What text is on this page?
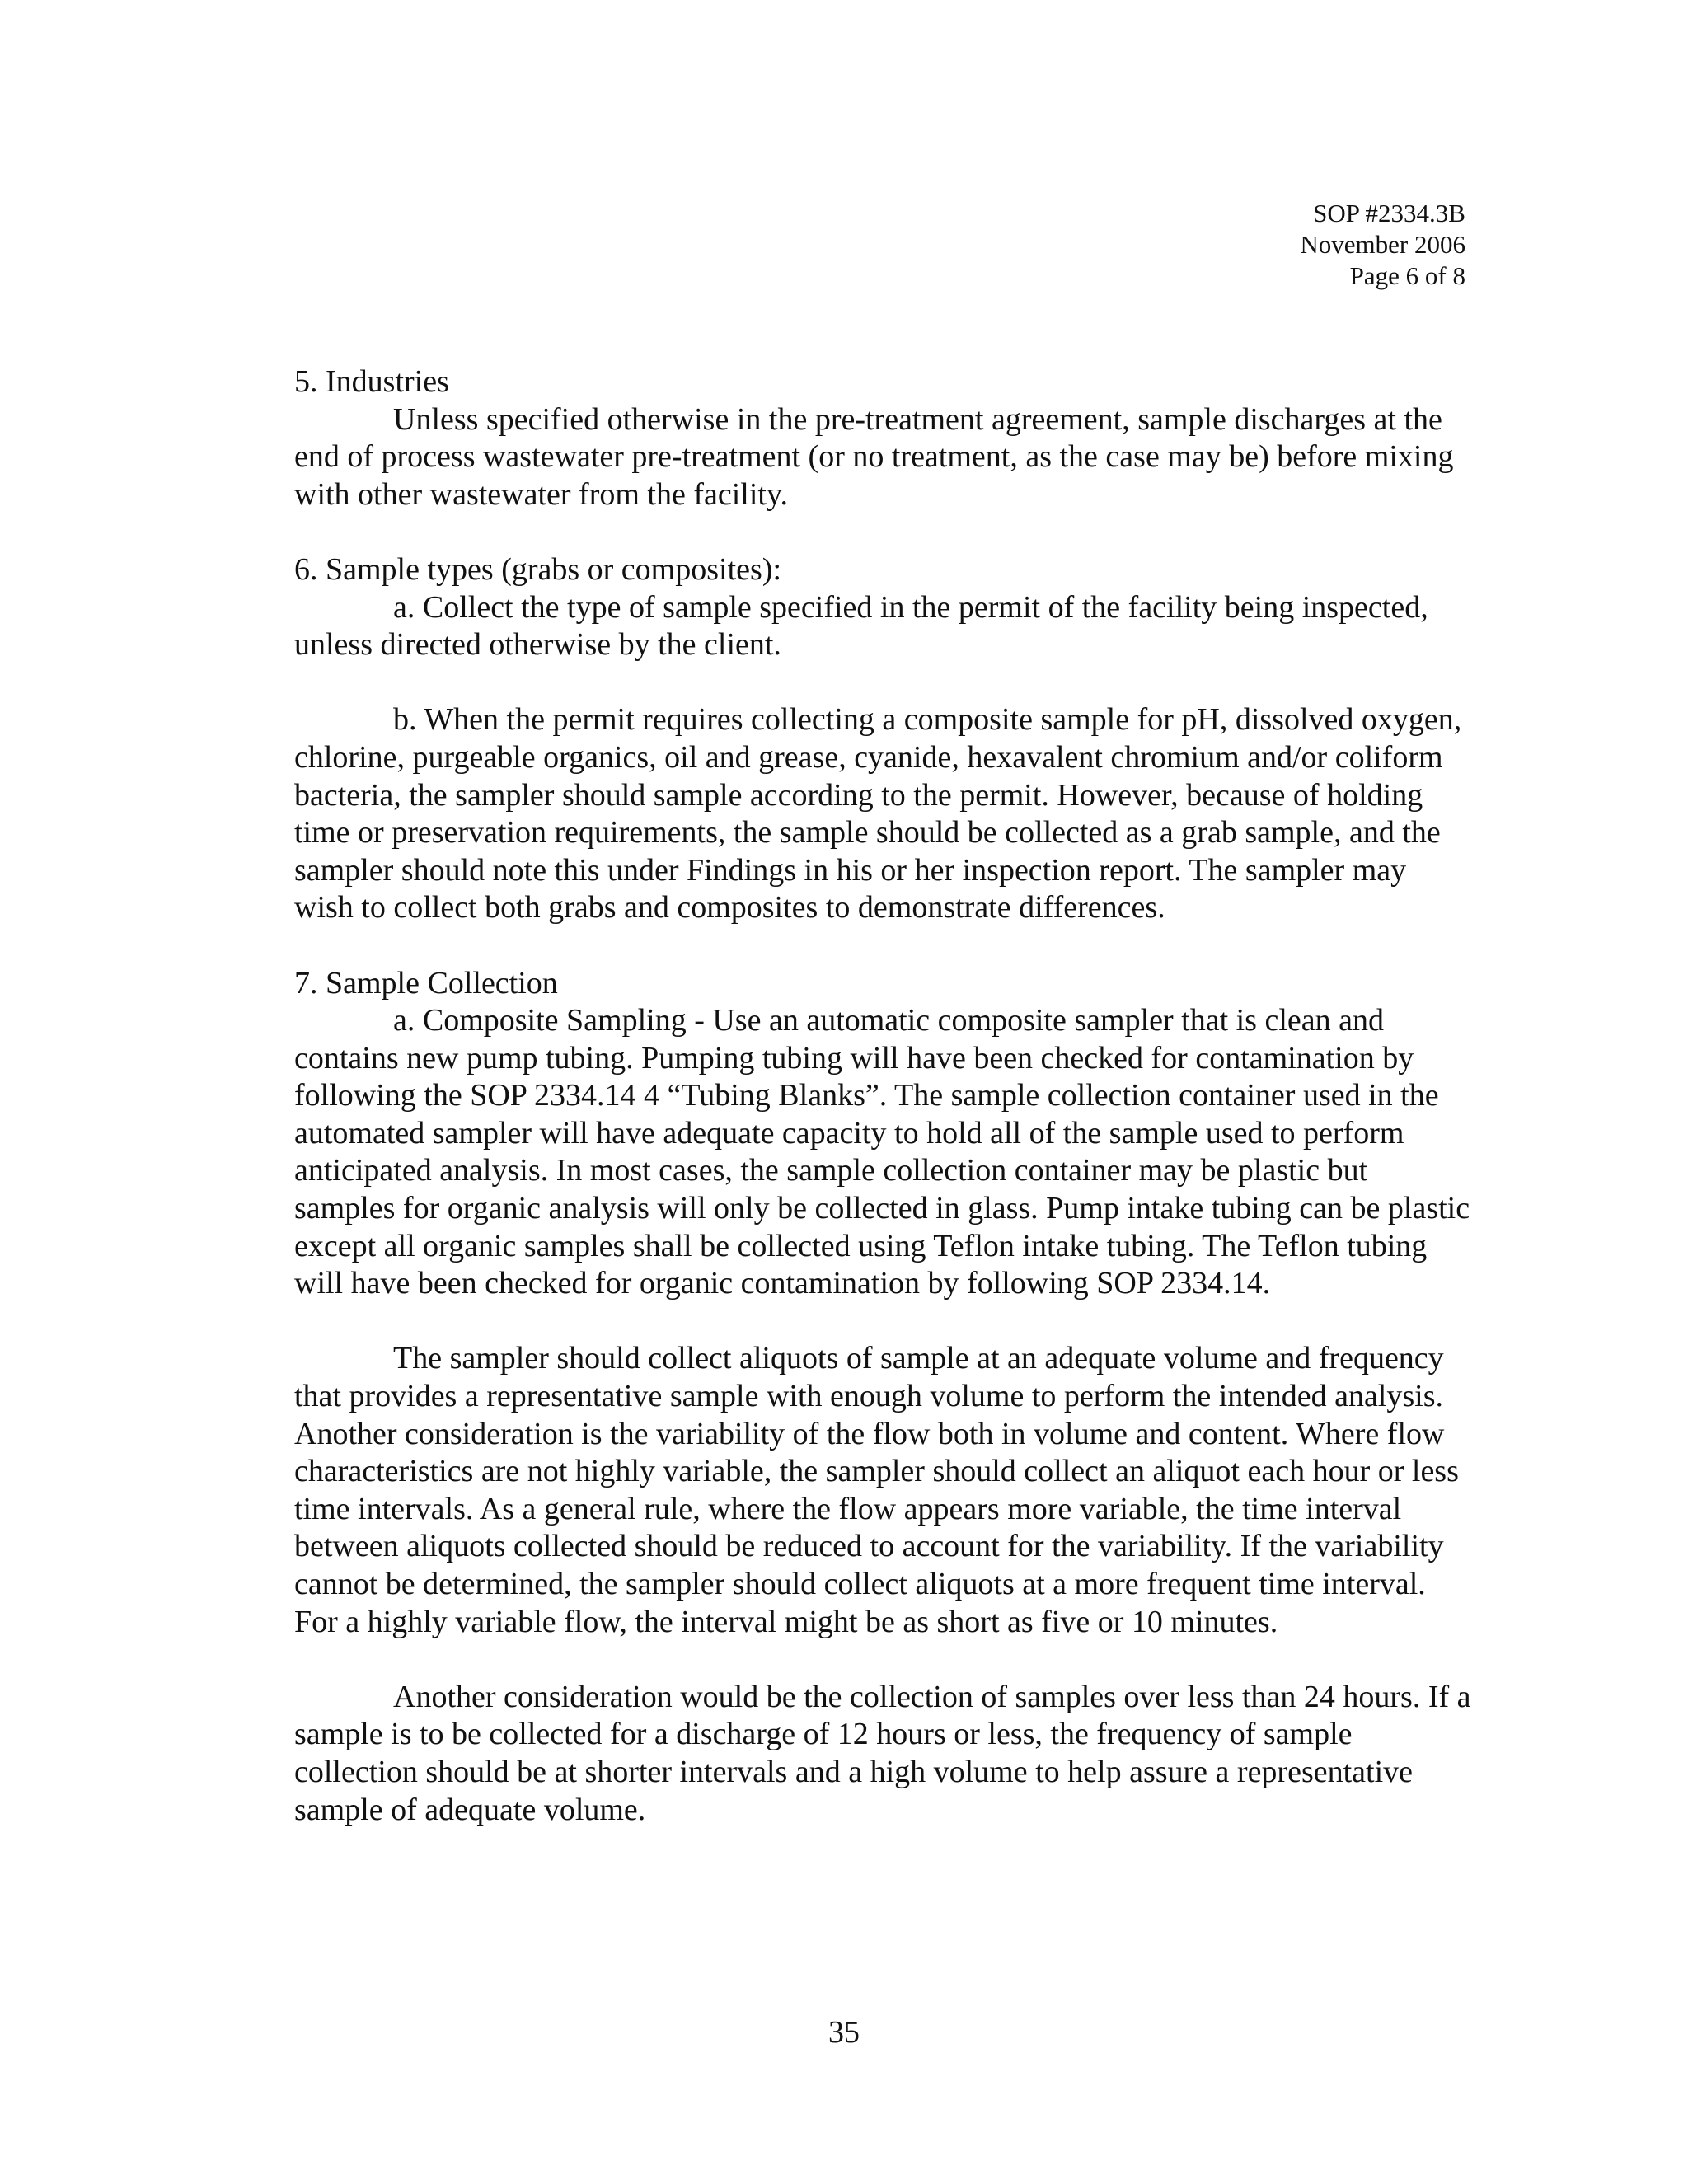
SOP #2334.3B
November 2006
Page 6 of 8

5. Industries

Unless specified otherwise in the pre-treatment agreement, sample discharges at the end of process wastewater pre-treatment (or no treatment, as the case may be) before mixing with other wastewater from the facility.

6. Sample types (grabs or composites):

a. Collect the type of sample specified in the permit of the facility being inspected, unless directed otherwise by the client.

b. When the permit requires collecting a composite sample for pH, dissolved oxygen, chlorine, purgeable organics, oil and grease, cyanide, hexavalent chromium and/or coliform bacteria, the sampler should sample according to the permit. However, because of holding time or preservation requirements, the sample should be collected as a grab sample, and the sampler should note this under Findings in his or her inspection report. The sampler may wish to collect both grabs and composites to demonstrate differences.

7. Sample Collection

a. Composite Sampling - Use an automatic composite sampler that is clean and contains new pump tubing. Pumping tubing will have been checked for contamination by following the SOP 2334.14 4 “Tubing Blanks”. The sample collection container used in the automated sampler will have adequate capacity to hold all of the sample used to perform anticipated analysis. In most cases, the sample collection container may be plastic but samples for organic analysis will only be collected in glass. Pump intake tubing can be plastic except all organic samples shall be collected using Teflon intake tubing. The Teflon tubing will have been checked for organic contamination by following SOP 2334.14.

The sampler should collect aliquots of sample at an adequate volume and frequency that provides a representative sample with enough volume to perform the intended analysis. Another consideration is the variability of the flow both in volume and content. Where flow characteristics are not highly variable, the sampler should collect an aliquot each hour or less time intervals. As a general rule, where the flow appears more variable, the time interval between aliquots collected should be reduced to account for the variability. If the variability cannot be determined, the sampler should collect aliquots at a more frequent time interval. For a highly variable flow, the interval might be as short as five or 10 minutes.

Another consideration would be the collection of samples over less than 24 hours. If a sample is to be collected for a discharge of 12 hours or less, the frequency of sample collection should be at shorter intervals and a high volume to help assure a representative sample of adequate volume.

35
